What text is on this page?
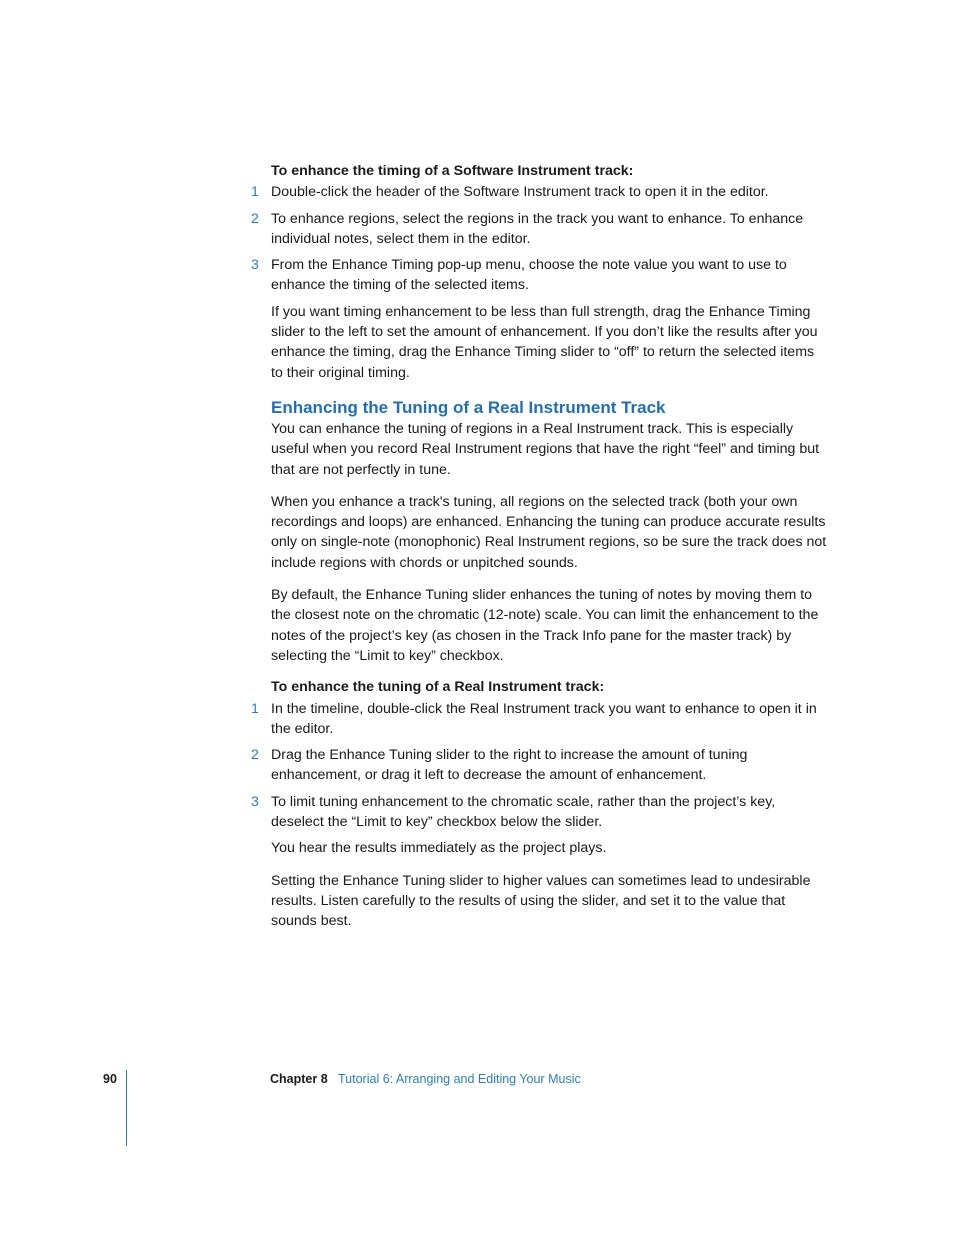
To enhance the timing of a Software Instrument track:

1 Double-click the header of the Software Instrument track to open it in the editor.
2 To enhance regions, select the regions in the track you want to enhance. To enhance individual notes, select them in the editor.
3 From the Enhance Timing pop-up menu, choose the note value you want to use to enhance the timing of the selected items.

If you want timing enhancement to be less than full strength, drag the Enhance Timing slider to the left to set the amount of enhancement. If you don’t like the results after you enhance the timing, drag the Enhance Timing slider to “off” to return the selected items to their original timing.

Enhancing the Tuning of a Real Instrument Track

You can enhance the tuning of regions in a Real Instrument track. This is especially useful when you record Real Instrument regions that have the right “feel” and timing but that are not perfectly in tune.

When you enhance a track's tuning, all regions on the selected track (both your own recordings and loops) are enhanced. Enhancing the tuning can produce accurate results only on single-note (monophonic) Real Instrument regions, so be sure the track does not include regions with chords or unpitched sounds.

By default, the Enhance Tuning slider enhances the tuning of notes by moving them to the closest note on the chromatic (12-note) scale. You can limit the enhancement to the notes of the project’s key (as chosen in the Track Info pane for the master track) by selecting the “Limit to key” checkbox.

To enhance the tuning of a Real Instrument track:

1 In the timeline, double-click the Real Instrument track you want to enhance to open it in the editor.
2 Drag the Enhance Tuning slider to the right to increase the amount of tuning enhancement, or drag it left to decrease the amount of enhancement.
3 To limit tuning enhancement to the chromatic scale, rather than the project’s key, deselect the “Limit to key” checkbox below the slider.

You hear the results immediately as the project plays.

Setting the Enhance Tuning slider to higher values can sometimes lead to undesirable results. Listen carefully to the results of using the slider, and set it to the value that sounds best.

90	Chapter 8 Tutorial 6: Arranging and Editing Your Music
